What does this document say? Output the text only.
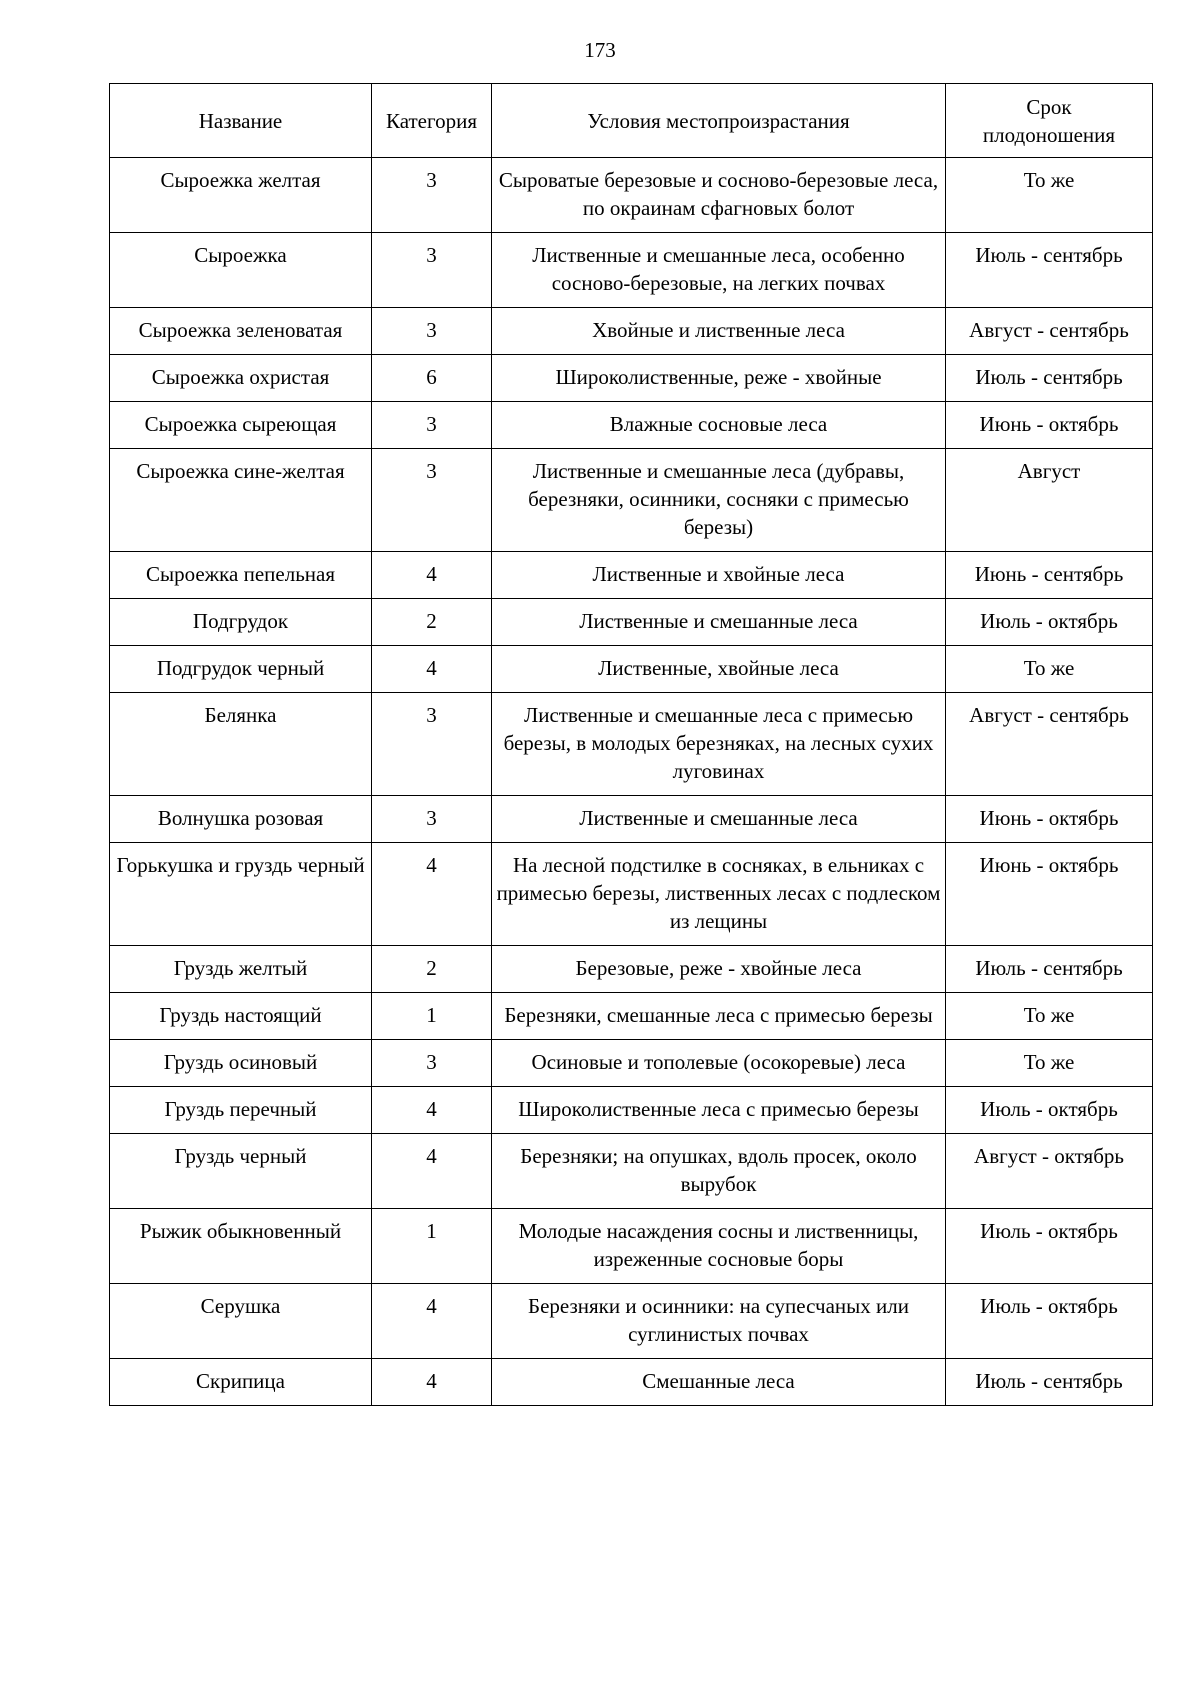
173
Название	Категория	Условия местопроизрастания	Срок
плодоношения

Сыроежка желтая	3	Сыроватые березовые и сосново-березовые леса, по окраинам сфагновых болот	То же
Сыроежка	3	Лиственные и смешанные леса, особенно сосново-березовые, на легких почвах	Июль - сентябрь
Сыроежка зеленоватая	3	Хвойные и лиственные леса	Август - сентябрь
Сыроежка охристая	6	Широколиственные, реже - хвойные	Июль - сентябрь
Сыроежка сыреющая	3	Влажные сосновые леса	Июнь - октябрь
Сыроежка сине-желтая	3	Лиственные и смешанные леса (дубравы, березняки, осинники, сосняки с примесью березы)	Август
Сыроежка пепельная	4	Лиственные и хвойные леса	Июнь - сентябрь
Подгрудок	2	Лиственные и смешанные леса	Июль - октябрь
Подгрудок черный	4	Лиственные, хвойные леса	То же
Белянка	3	Лиственные и смешанные леса с примесью березы, в молодых березняках, на лесных сухих луговинах	Август - сентябрь
Волнушка розовая	3	Лиственные и смешанные леса	Июнь - октябрь
Горькушка и груздь черный	4	На лесной подстилке в сосняках, в ельниках с примесью березы, лиственных лесах с подлеском из лещины	Июнь - октябрь
Груздь желтый	2	Березовые, реже - хвойные леса	Июль - сентябрь
Груздь настоящий	1	Березняки, смешанные леса с примесью березы	То же
Груздь осиновый	3	Осиновые и тополевые (осокоревые) леса	То же
Груздь перечный	4	Широколиственные леса с примесью березы	Июль - октябрь
Груздь черный	4	Березняки; на опушках, вдоль просек, около вырубок	Август - октябрь
Рыжик обыкновенный	1	Молодые насаждения сосны и лиственницы, изреженные сосновые боры	Июль - октябрь
Серушка	4	Березняки и осинники: на супесчаных или суглинистых почвах	Июль - октябрь
Скрипица	4	Смешанные леса	Июль - сентябрь
